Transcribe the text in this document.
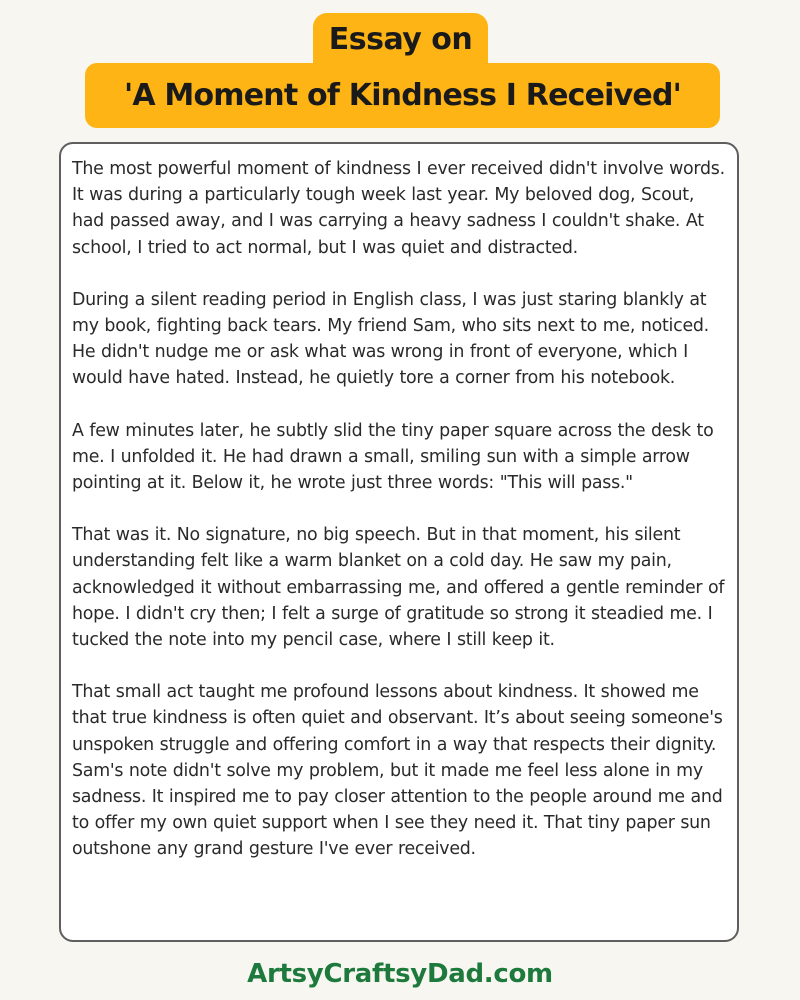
Essay on
'A Moment of Kindness I Received'

The most powerful moment of kindness I ever received didn't involve words. It was during a particularly tough week last year. My beloved dog, Scout, had passed away, and I was carrying a heavy sadness I couldn't shake. At school, I tried to act normal, but I was quiet and distracted.

During a silent reading period in English class, I was just staring blankly at my book, fighting back tears. My friend Sam, who sits next to me, noticed. He didn't nudge me or ask what was wrong in front of everyone, which I would have hated. Instead, he quietly tore a corner from his notebook.

A few minutes later, he subtly slid the tiny paper square across the desk to me. I unfolded it. He had drawn a small, smiling sun with a simple arrow pointing at it. Below it, he wrote just three words: "This will pass."

That was it. No signature, no big speech. But in that moment, his silent understanding felt like a warm blanket on a cold day. He saw my pain, acknowledged it without embarrassing me, and offered a gentle reminder of hope. I didn't cry then; I felt a surge of gratitude so strong it steadied me. I tucked the note into my pencil case, where I still keep it.

That small act taught me profound lessons about kindness. It showed me that true kindness is often quiet and observant. It’s about seeing someone's unspoken struggle and offering comfort in a way that respects their dignity. Sam's note didn't solve my problem, but it made me feel less alone in my sadness. It inspired me to pay closer attention to the people around me and to offer my own quiet support when I see they need it. That tiny paper sun outshone any grand gesture I've ever received.

ArtsyCraftsyDad.com
